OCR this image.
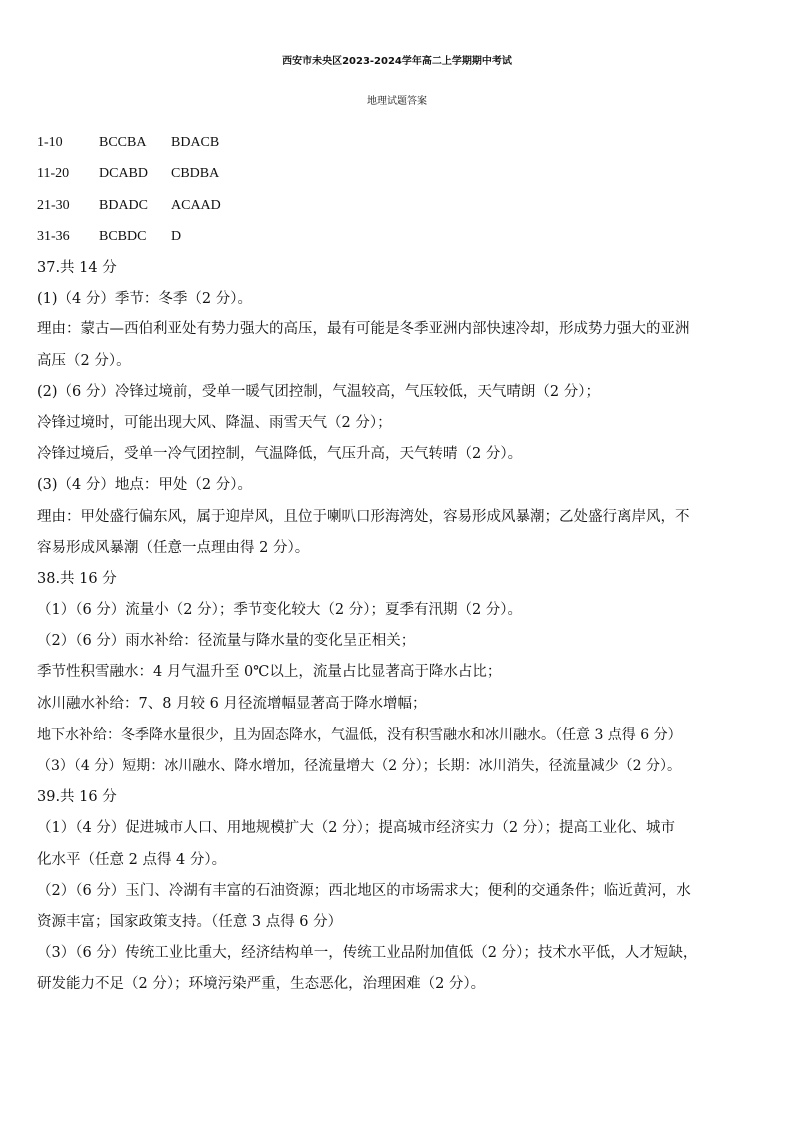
西安市未央区2023-2024学年高二上学期期中考试
地理试题答案
1-10	BCCBA BDACB
11-20 DCABD CBDBA
21-30 BDADC ACAAD
31-36 BCBDC D
37.共 14 分
(1)（4 分）季节：冬季（2 分）。
理由：蒙古—西伯利亚处有势力强大的高压，最有可能是冬季亚洲内部快速冷却，形成势力强大的亚洲
高压（2 分）。
(2)（6 分）冷锋过境前，受单一暖气团控制，气温较高，气压较低，天气晴朗（2 分）；
冷锋过境时，可能出现大风、降温、雨雪天气（2 分）；
冷锋过境后，受单一冷气团控制，气温降低，气压升高，天气转晴（2 分）。
(3)（4 分）地点：甲处（2 分）。
理由：甲处盛行偏东风，属于迎岸风，且位于喇叭口形海湾处，容易形成风暴潮；乙处盛行离岸风，不
容易形成风暴潮（任意一点理由得 2 分）。
38.共 16 分
（1）（6 分）流量小（2 分）；季节变化较大（2 分）；夏季有汛期（2 分）。
（2）（6 分）雨水补给：径流量与降水量的变化呈正相关；
季节性积雪融水：4 月气温升至 0℃以上，流量占比显著高于降水占比；
冰川融水补给：7、8 月较 6 月径流增幅显著高于降水增幅；
地下水补给：冬季降水量很少，且为固态降水，气温低，没有积雪融水和冰川融水。（任意 3 点得 6 分）
（3）（4 分）短期：冰川融水、降水增加，径流量增大（2 分）；长期：冰川消失，径流量减少（2 分）。
39.共 16 分
（1）（4 分）促进城市人口、用地规模扩大（2 分）；提高城市经济实力（2 分）；提高工业化、城市
化水平（任意 2 点得 4 分）。
（2）（6 分）玉门、冷湖有丰富的石油资源；西北地区的市场需求大；便利的交通条件；临近黄河，水
资源丰富；国家政策支持。（任意 3 点得 6 分）
（3）（6 分）传统工业比重大，经济结构单一，传统工业品附加值低（2 分）；技术水平低，人才短缺，
研发能力不足（2 分）；环境污染严重，生态恶化，治理困难（2 分）。
